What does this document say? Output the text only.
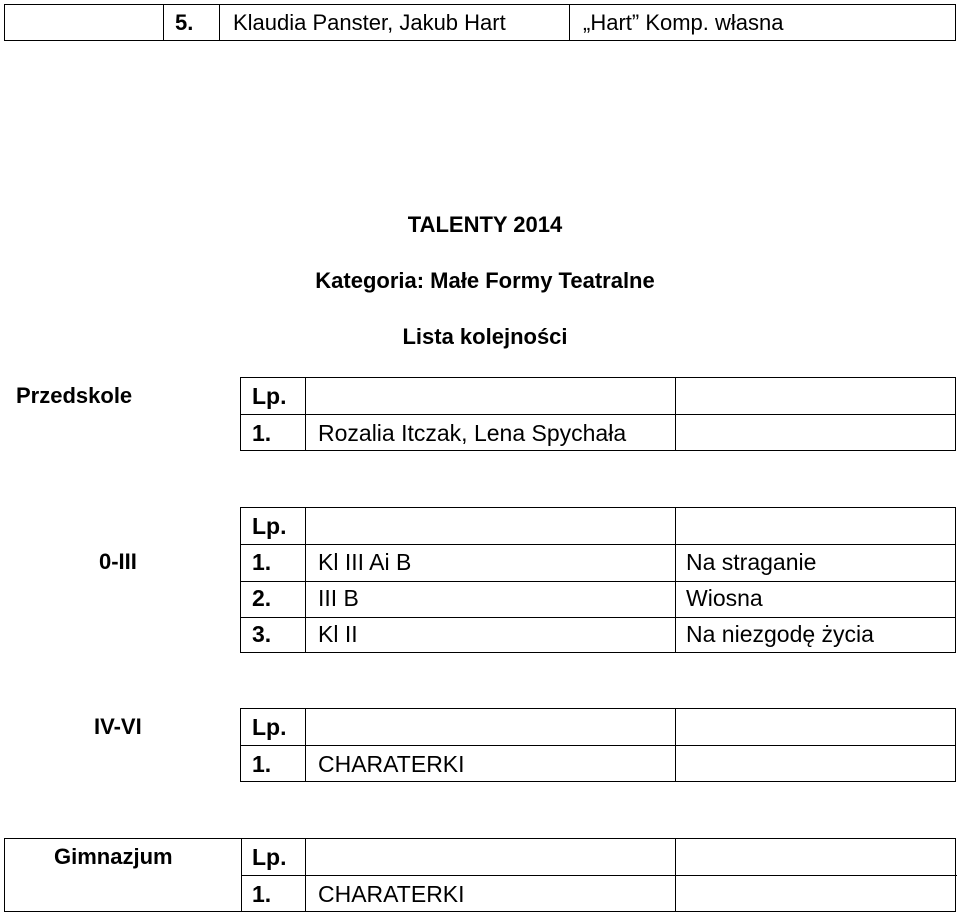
5. Klaudia Panster, Jakub Hart	„Hart” Komp. własna
TALENTY 2014
Kategoria: Małe Formy Teatralne
Lista kolejności
Przedskole	Lp.
1. Rozalia Itczak, Lena Spychała
0-III
Lp.
1. Kl III Ai B	Na straganie
2. III B	Wiosna
3. Kl II	Na niezgodę życia
IV-VI	Lp.
1. CHARATERKI
Gimnazjum	Lp.
1. CHARATERKI
